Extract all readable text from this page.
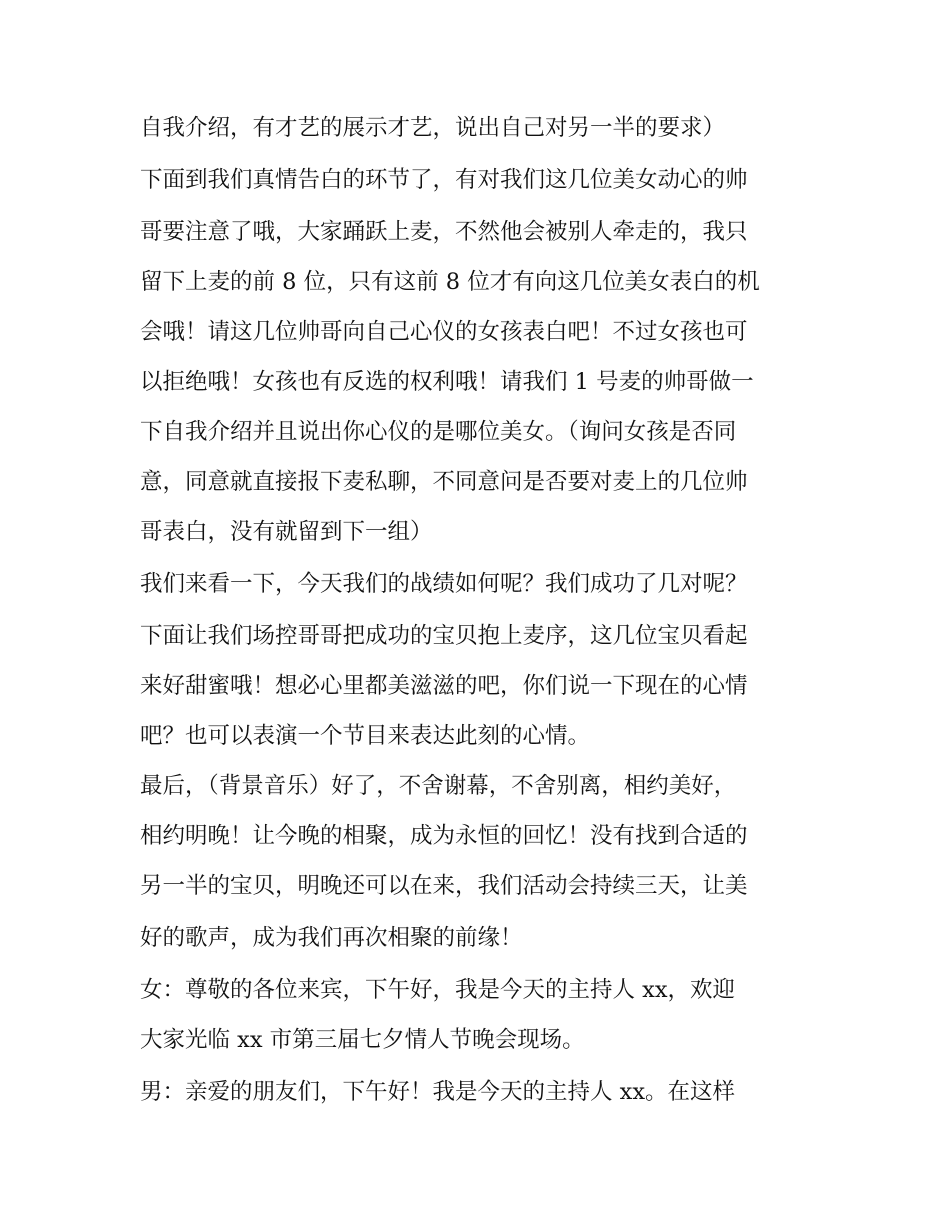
自我介绍，有才艺的展示才艺，说出自己对另一半的要求）
下面到我们真情告白的环节了，有对我们这几位美女动心的帅
哥要注意了哦，大家踊跃上麦，不然他会被别人牵走的，我只
留下上麦的前 8 位，只有这前 8 位才有向这几位美女表白的机
会哦！请这几位帅哥向自己心仪的女孩表白吧！不过女孩也可
以拒绝哦！女孩也有反选的权利哦！请我们 1 号麦的帅哥做一
下自我介绍并且说出你心仪的是哪位美女。（询问女孩是否同
意，同意就直接报下麦私聊，不同意问是否要对麦上的几位帅
哥表白，没有就留到下一组）
我们来看一下，今天我们的战绩如何呢？我们成功了几对呢？
下面让我们场控哥哥把成功的宝贝抱上麦序，这几位宝贝看起
来好甜蜜哦！想必心里都美滋滋的吧，你们说一下现在的心情
吧？也可以表演一个节目来表达此刻的心情。
最后，（背景音乐）好了，不舍谢幕，不舍别离，相约美好，
相约明晚！让今晚的相聚，成为永恒的回忆！没有找到合适的
另一半的宝贝，明晚还可以在来，我们活动会持续三天，让美
好的歌声，成为我们再次相聚的前缘！
女：尊敬的各位来宾，下午好，我是今天的主持人 xx，欢迎
大家光临 xx 市第三届七夕情人节晚会现场。
男：亲爱的朋友们，下午好！我是今天的主持人 xx。在这样
